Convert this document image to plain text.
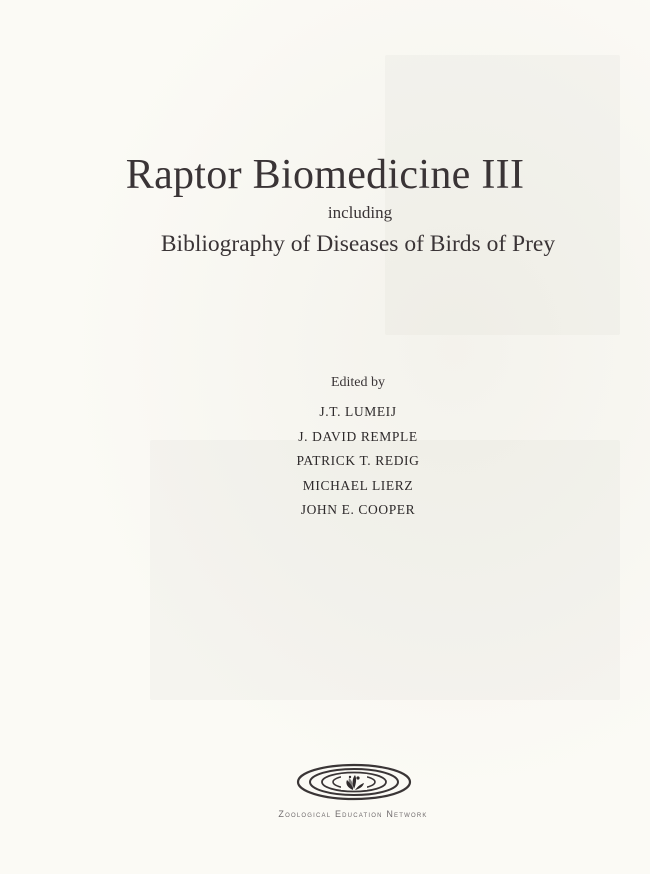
Raptor Biomedicine III
including
Bibliography of Diseases of Birds of Prey
Edited by
J.T. LUMEIJ
J. DAVID REMPLE
PATRICK T. REDIG
MICHAEL LIERZ
JOHN E. COOPER
Zoological Education Network
